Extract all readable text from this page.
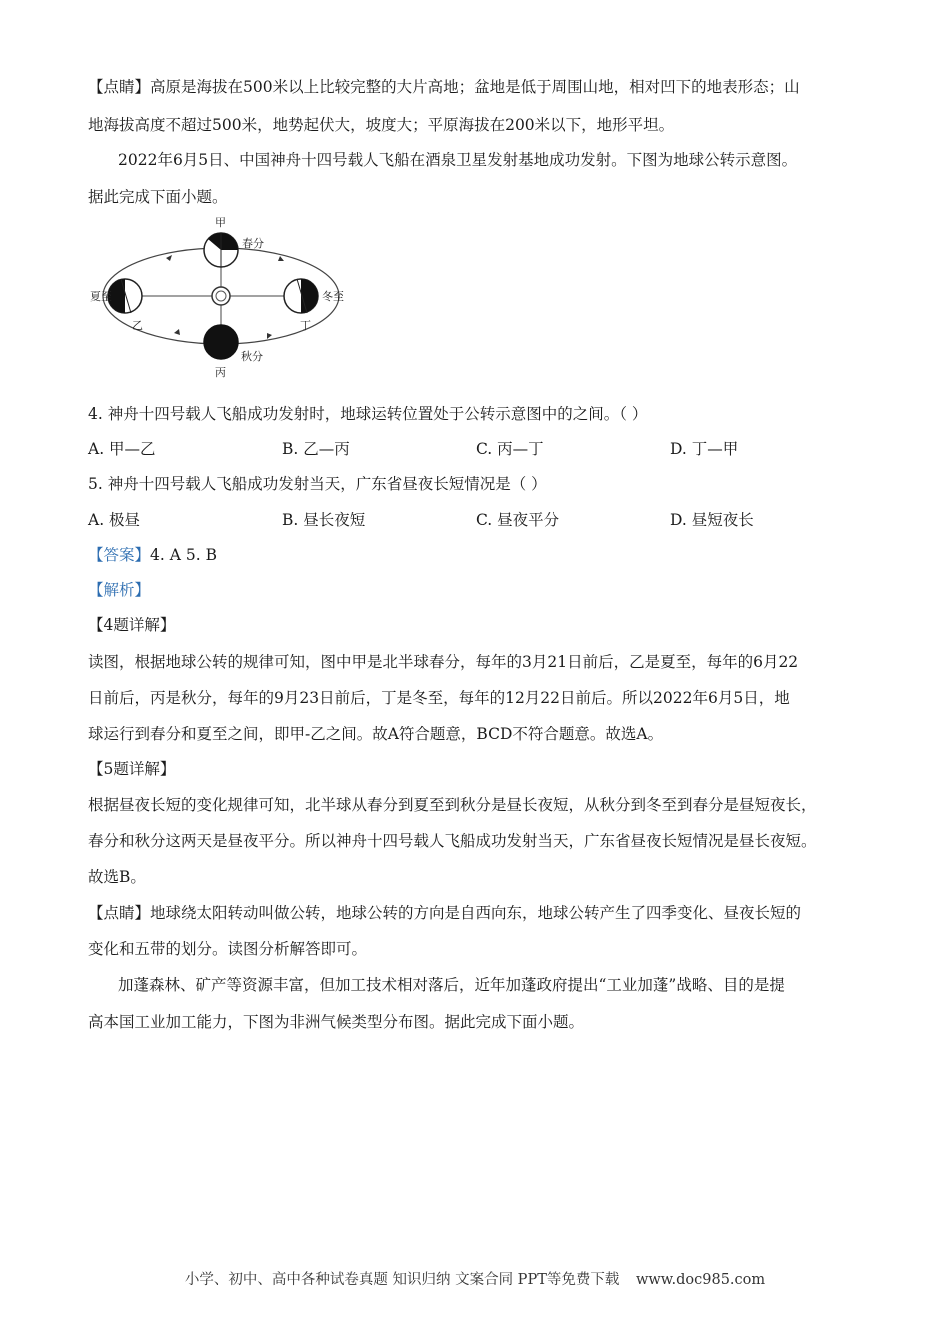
【点睛】高原是海拔在500米以上比较完整的大片高地；盆地是低于周围山地，相对凹下的地表形态；山
地海拔高度不超过500米，地势起伏大，坡度大；平原海拔在200米以下，地形平坦。
2022年6月5日、中国神舟十四号载人飞船在酒泉卫星发射基地成功发射。下图为地球公转示意图。
据此完成下面小题。
甲
春分
夏至
乙
秋分
丙
冬至
丁
4. 神舟十四号载人飞船成功发射时，地球运转位置处于公转示意图中的之间。（ ）
A. 甲—乙	B. 乙—丙	C. 丙—丁	D. 丁—甲
5. 神舟十四号载人飞船成功发射当天，广东省昼夜长短情况是（ ）
A. 极昼	B. 昼长夜短	C. 昼夜平分	D. 昼短夜长
【答案】4. A 5. B
【解析】
【4题详解】
读图，根据地球公转的规律可知，图中甲是北半球春分，每年的3月21日前后，乙是夏至，每年的6月22
日前后，丙是秋分，每年的9月23日前后，丁是冬至，每年的12月22日前后。所以2022年6月5日，地
球运行到春分和夏至之间，即甲-乙之间。故A符合题意，BCD不符合题意。故选A。
【5题详解】
根据昼夜长短的变化规律可知，北半球从春分到夏至到秋分是昼长夜短，从秋分到冬至到春分是昼短夜长，
春分和秋分这两天是昼夜平分。所以神舟十四号载人飞船成功发射当天，广东省昼夜长短情况是昼长夜短。
故选B。
【点睛】地球绕太阳转动叫做公转，地球公转的方向是自西向东，地球公转产生了四季变化、昼夜长短的
变化和五带的划分。读图分析解答即可。
加蓬森林、矿产等资源丰富，但加工技术相对落后，近年加蓬政府提出“工业加蓬”战略、目的是提
高本国工业加工能力，下图为非洲气候类型分布图。据此完成下面小题。
小学、初中、高中各种试卷真题 知识归纳 文案合同 PPT等免费下载 www.doc985.com
